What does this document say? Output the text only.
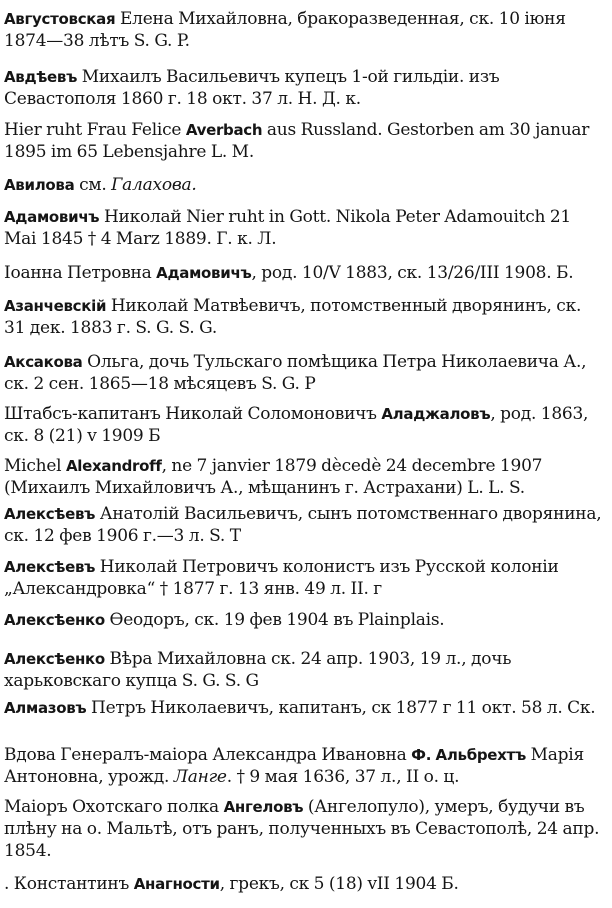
Августовская Елена Михайловна, бракоразведенная, ск. 10 іюня 1874—38 лѣтъ S. G. P.
Авдѣевъ Михаилъ Васильевичъ купецъ 1-ой гильдіи. изъ Севастополя 1860 г. 18 окт. 37 л. Н. Д. к.
Hier ruht Frau Felice Averbach aus Russland. Gestorben am 30 januar 1895 im 65 Lebensjahre L. M.
Авилова см. Галахова.
Адамовичъ Николай Nier ruht in Gott. Nikola Peter Adamouitch 21 Mai 1845 † 4 Marz 1889. Г. к. Л.
Іоанна Петровна Адамовичъ, род. 10/V 1883, ск. 13/26/III 1908. Б.
Азанчевскій Николай Матвѣевичъ, потомственный дворянинъ, ск. 31 дек. 1883 г. S. G. S. G.
Аксакова Ольга, дочь Тульскаго помѣщика Петра Николаевича А., ск. 2 сен. 1865—18 мѣсяцевъ S. G. P
Штабсъ-капитанъ Николай Соломоновичъ Аладжаловъ, род. 1863, ск. 8 (21) v 1909 Б
Michel Alexandroff, ne 7 janvier 1879 dècedè 24 decembre 1907 (Михаилъ Михайловичъ А., мѣщанинъ г. Астрахани) L. L. S.
Алексѣевъ Анатолій Васильевичъ, сынъ потомственнаго дворянина, ск. 12 фев 1906 г.—3 л. S. T
Алексѣевъ Николай Петровичъ колонистъ изъ Русской колоніи „Александровка“ † 1877 г. 13 янв. 49 л. II. г
Алексѣенко Ѳеодоръ, ск. 19 фев 1904 въ Plainplais.
Алексѣенко Вѣра Михайловна ск. 24 апр. 1903, 19 л., дочь харьковскаго купца S. G. S. G
Алмазовъ Петръ Николаевичъ, капитанъ, ск 1877 г 11 окт. 58 л. Ск.
Вдова Генералъ-маіора Александра Ивановна Ф. Альбрехтъ Марія Антоновна, урожд. Ланге. † 9 мая 1636, 37 л., II о. ц.
Маіоръ Охотскаго полка Ангеловъ (Ангелопуло), умеръ, будучи въ плѣну на о. Мальтѣ, отъ ранъ, полученныхъ въ Севастополѣ, 24 апр. 1854.
. Константинъ Анагности, грекъ, ск 5 (18) vII 1904 Б.
